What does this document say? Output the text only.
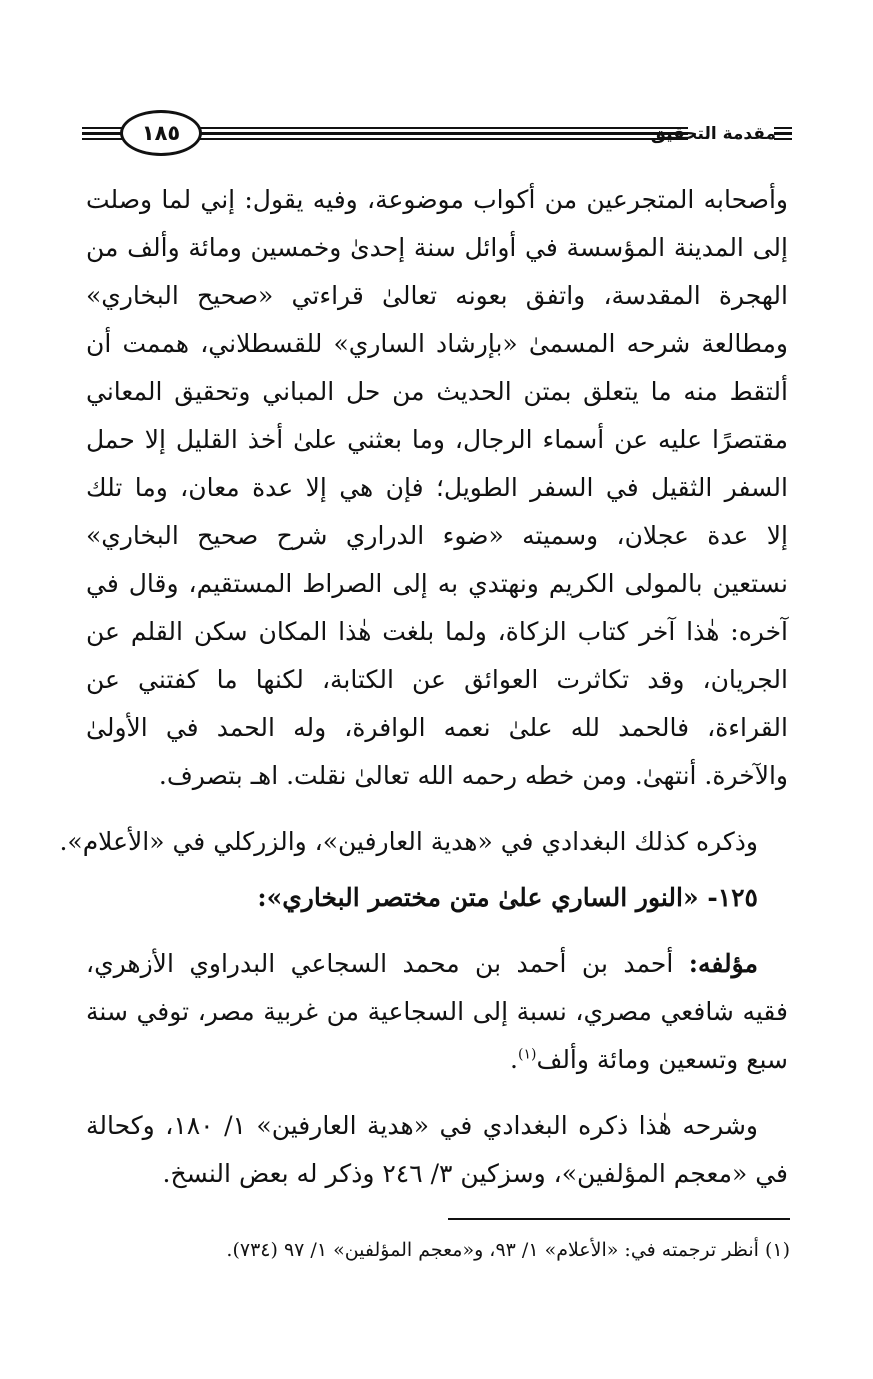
١٨٥	مقدمة التحقيق
وأصحابه المتجرعين من أكواب موضوعة، وفيه يقول: إني لما وصلت
إلى المدينة المؤسسة في أوائل سنة إحدىٰ وخمسين ومائة وألف من
الهجرة المقدسة، واتفق بعونه تعالىٰ قراءتي «صحيح البخاري»
ومطالعة شرحه المسمىٰ «بإرشاد الساري» للقسطلاني، هممت أن
ألتقط منه ما يتعلق بمتن الحديث من حل المباني وتحقيق المعاني
مقتصرًا عليه عن أسماء الرجال، وما بعثني علىٰ أخذ القليل إلا حمل
السفر الثقيل في السفر الطويل؛ فإن هي إلا عدة معان، وما تلك
إلا عدة عجلان، وسميته «ضوء الدراري شرح صحيح البخاري»
نستعين بالمولى الكريم ونهتدي به إلى الصراط المستقيم، وقال في
آخره: هٰذا آخر كتاب الزكاة، ولما بلغت هٰذا المكان سكن القلم عن
الجريان، وقد تكاثرت العوائق عن الكتابة، لكنها ما كفتني عن
القراءة، فالحمد لله علىٰ نعمه الوافرة، وله الحمد في الأولىٰ
والآخرة. أنتهىٰ. ومن خطه رحمه الله تعالىٰ نقلت. اهـ بتصرف.
وذكره كذلك البغدادي في «هدية العارفين»، والزركلي في «الأعلام».
١٢٥- «النور الساري علىٰ متن مختصر البخاري»:
مؤلفه: أحمد بن أحمد بن محمد السجاعي البدراوي الأزهري،
فقيه شافعي مصري، نسبة إلى السجاعية من غربية مصر، توفي سنة
سبع وتسعين ومائة وألف$^{(١)}$.
وشرحه هٰذا ذكره البغدادي في «هدية العارفين» ١/ ١٨٠، وكحالة
في «معجم المؤلفين»، وسزكين ٣/ ٢٤٦ وذكر له بعض النسخ.
(١) أنظر ترجمته في: «الأعلام» ١/ ٩٣، و«معجم المؤلفين» ١/ ٩٧ (٧٣٤).
